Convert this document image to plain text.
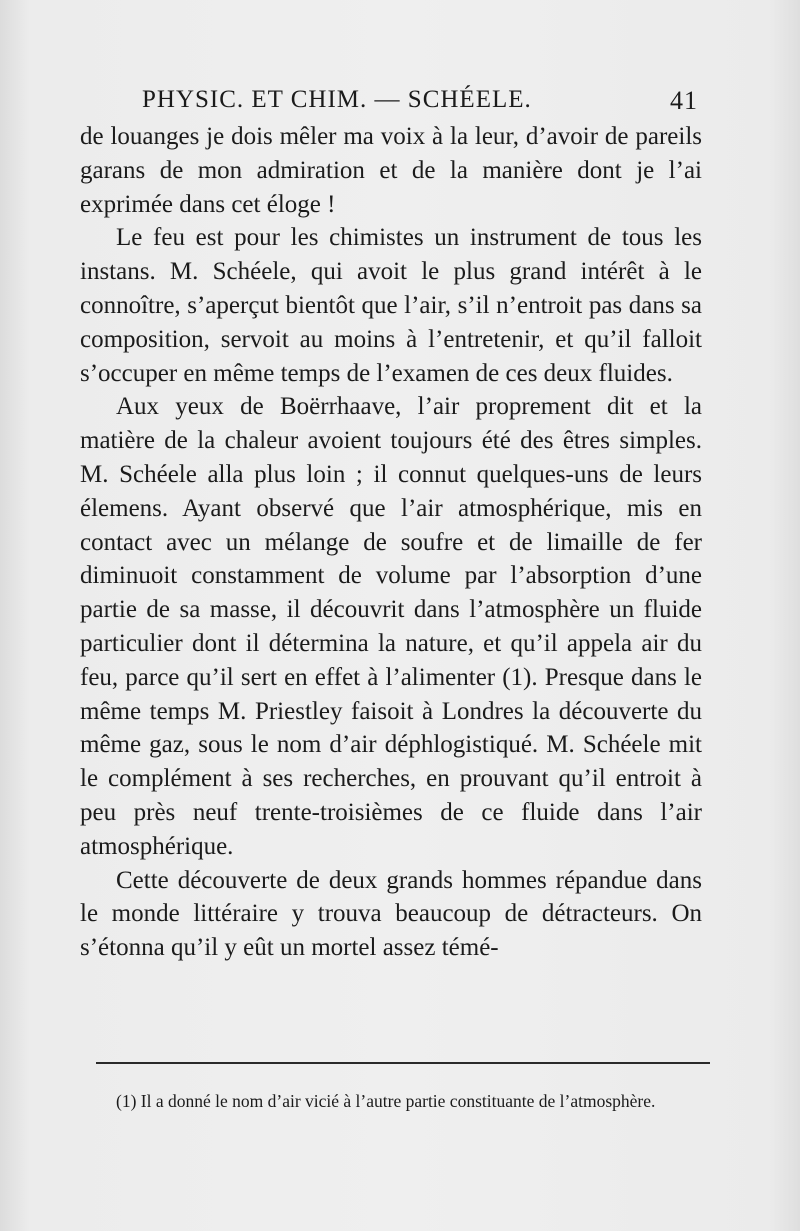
PHYSIC. ET CHIM. — SCHÉELE.	41

de louanges je dois mêler ma voix à la leur, d’avoir de pareils garans de mon admiration et de la manière dont je l’ai exprimée dans cet éloge !

Le feu est pour les chimistes un instrument de tous les instans. M. Schéele, qui avoit le plus grand intérêt à le connoître, s’aperçut bientôt que l’air, s’il n’entroit pas dans sa composition, servoit au moins à l’entretenir, et qu’il falloit s’occuper en même temps de l’examen de ces deux fluides.

Aux yeux de Boërrhaave, l’air proprement dit et la matière de la chaleur avoient toujours été des êtres simples. M. Schéele alla plus loin ; il connut quelques-uns de leurs élemens. Ayant observé que l’air atmosphérique, mis en contact avec un mélange de soufre et de limaille de fer diminuoit constamment de volume par l’absorption d’une partie de sa masse, il découvrit dans l’atmosphère un fluide particulier dont il détermina la nature, et qu’il appela air du feu, parce qu’il sert en effet à l’alimenter (1). Presque dans le même temps M. Priestley faisoit à Londres la découverte du même gaz, sous le nom d’air déphlogistiqué. M. Schéele mit le complément à ses recherches, en prouvant qu’il entroit à peu près neuf trente-troisièmes de ce fluide dans l’air atmosphérique.

Cette découverte de deux grands hommes répandue dans le monde littéraire y trouva beaucoup de détracteurs. On s’étonna qu’il y eût un mortel assez témé-

(1) Il a donné le nom d’air vicié à l’autre partie constituante de l’atmosphère.
